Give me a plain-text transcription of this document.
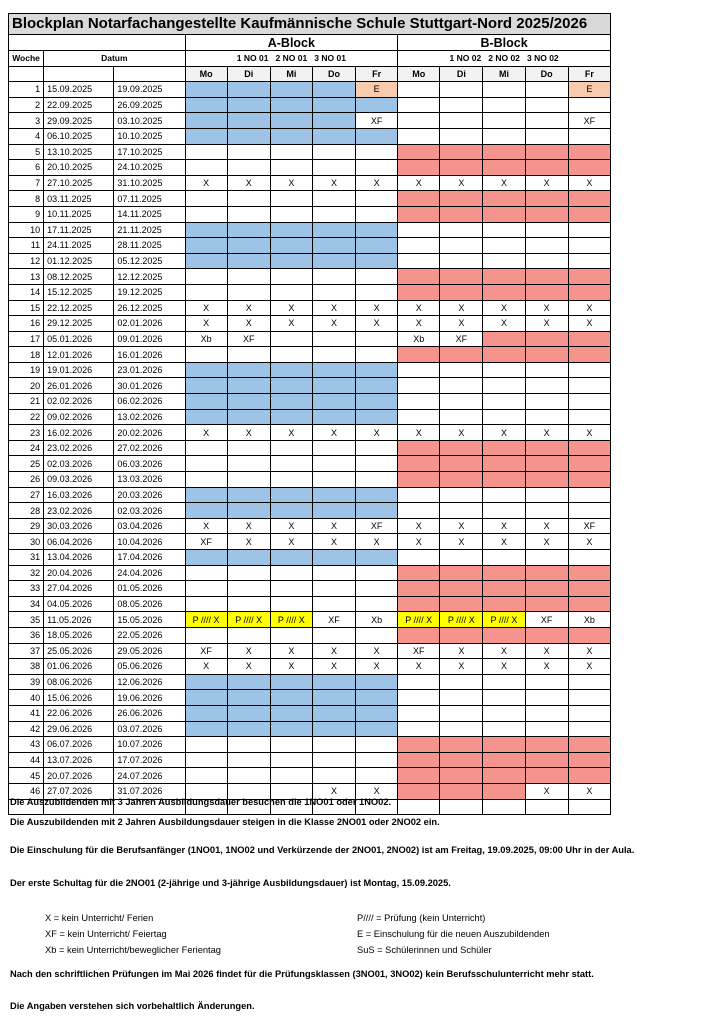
Blockplan Notarfachangestellte Kaufmännische Schule Stuttgart-Nord 2025/2026												
			A-Block					B-Block				
Woche	Datum		1 NO 01   2 NO 01   3 NO 01					1 NO 02   2 NO 02   3 NO 02				
			Mo	Di	Mi	Do	Fr	Mo	Di	Mi	Do	Fr
1	15.09.2025	19.09.2025					E					E
2	22.09.2025	26.09.2025										
3	29.09.2025	03.10.2025					XF					XF
4	06.10.2025	10.10.2025										
5	13.10.2025	17.10.2025										
6	20.10.2025	24.10.2025										
7	27.10.2025	31.10.2025	X	X	X	X	X	X	X	X	X	X
8	03.11.2025	07.11.2025										
9	10.11.2025	14.11.2025										
10	17.11.2025	21.11.2025										
11	24.11.2025	28.11.2025										
12	01.12.2025	05.12.2025										
13	08.12.2025	12.12.2025										
14	15.12.2025	19.12.2025										
15	22.12.2025	26.12.2025	X	X	X	X	X	X	X	X	X	X
16	29.12.2025	02.01.2026	X	X	X	X	X	X	X	X	X	X
17	05.01.2026	09.01.2026	Xb	XF				Xb	XF			
18	12.01.2026	16.01.2026										
19	19.01.2026	23.01.2026										
20	26.01.2026	30.01.2026										
21	02.02.2026	06.02.2026										
22	09.02.2026	13.02.2026										
23	16.02.2026	20.02.2026	X	X	X	X	X	X	X	X	X	X
24	23.02.2026	27.02.2026										
25	02.03.2026	06.03.2026										
26	09.03.2026	13.03.2026										
27	16.03.2026	20.03.2026										
28	23.02.2026	02.03.2026										
29	30.03.2026	03.04.2026	X	X	X	X	XF	X	X	X	X	XF
30	06.04.2026	10.04.2026	XF	X	X	X	X	X	X	X	X	X
31	13.04.2026	17.04.2026										
32	20.04.2026	24.04.2026										
33	27.04.2026	01.05.2026										
34	04.05.2026	08.05.2026										
35	11.05.2026	15.05.2026	P //// X	P //// X	P //// X	XF	Xb	P //// X	P //// X	P //// X	XF	Xb
36	18.05.2026	22.05.2026										
37	25.05.2026	29.05.2026	XF	X	X	X	X	XF	X	X	X	X
38	01.06.2026	05.06.2026	X	X	X	X	X	X	X	X	X	X
39	08.06.2026	12.06.2026										
40	15.06.2026	19.06.2026										
41	22.06.2026	26.06.2026										
42	29.06.2026	03.07.2026										
43	06.07.2026	10.07.2026										
44	13.07.2026	17.07.2026										
45	20.07.2026	24.07.2026										
46	27.07.2026	31.07.2026				X	X				X	X

Die Auszubildenden mit 3 Jahren Ausbildungsdauer besuchen die 1NO01 oder 1NO02.
Die Auszubildenden mit 2 Jahren Ausbildungsdauer steigen in die Klasse 2NO01 oder 2NO02 ein.
Die Einschulung für die Berufsanfänger (1NO01, 1NO02 und Verkürzende der 2NO01, 2NO02) ist am Freitag, 19.09.2025, 09:00 Uhr in der Aula.
Der erste Schultag für die 2NO01 (2-jährige und 3-jährige Ausbildungsdauer) ist Montag, 15.09.2025.
Nach den schriftlichen Prüfungen im Mai 2026 findet für die Prüfungsklassen (3NO01, 3NO02) kein Berufsschulunterricht mehr statt.
Die Angaben verstehen sich vorbehaltlich Änderungen.
X = kein Unterricht/ Ferien
XF = kein Unterricht/ Feiertag
Xb = kein Unterricht/beweglicher Ferientag
P//// = Prüfung (kein Unterricht)
E = Einschulung für die neuen Auszubildenden
SuS = Schülerinnen und Schüler
